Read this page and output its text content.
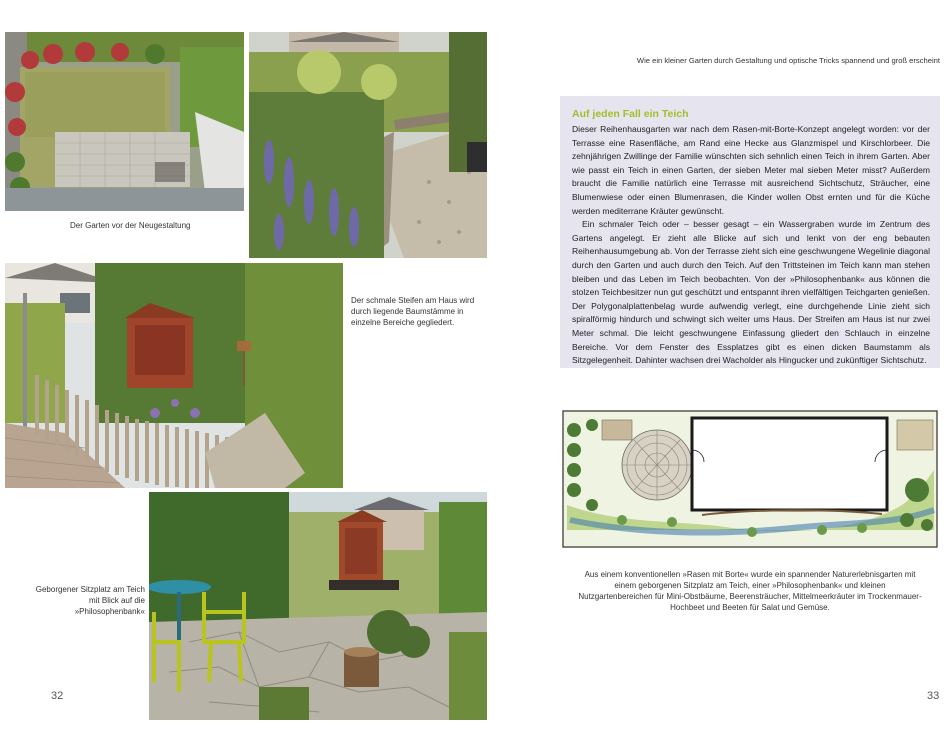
Der Garten vor der Neugestaltung
Der schmale Steifen am Haus wird durch liegende Baumstämme in einzelne Bereiche gegliedert.
Geborgener Sitzplatz am Teich mit Blick auf die »Philosophenbank«
32
Wie ein kleiner Garten durch Gestaltung und optische Tricks spannend und groß erscheint
Auf jeden Fall ein Teich

Dieser Reihenhausgarten war nach dem Rasen-mit-Borte-Konzept angelegt worden: vor der Terrasse eine Rasenfläche, am Rand eine Hecke aus Glanzmispel und Kirschlorbeer. Die zehnjährigen Zwillinge der Familie wünschten sich sehnlich einen Teich in ihrem Garten. Aber wie passt ein Teich in einen Garten, der sieben Meter mal sieben Meter misst? Außerdem braucht die Familie natürlich eine Terrasse mit ausreichend Sichtschutz, Sträucher, eine Blumenwiese oder einen Blumenrasen, die Kinder wollen Obst ernten und für die Küche werden mediterrane Kräuter gewünscht.

Ein schmaler Teich oder – besser gesagt – ein Wassergraben wurde im Zentrum des Gartens angelegt. Er zieht alle Blicke auf sich und lenkt von der eng bebauten Reihenhausumgebung ab. Von der Terrasse zieht sich eine geschwungene Wegelinie diagonal durch den Garten und auch durch den Teich. Auf den Trittsteinen im Teich kann man stehen bleiben und das Leben im Teich beobachten. Von der »Philosophenbank« aus können die stolzen Teichbesitzer nun gut geschützt und entspannt ihren vielfältigen Teichgarten genießen. Der Polygonalplattenbelag wurde aufwendig verlegt, eine durchgehende Linie zieht sich spiralförmig hindurch und schwingt sich weiter ums Haus. Der Streifen am Haus ist nur zwei Meter schmal. Die leicht geschwungene Einfassung gliedert den Schlauch in einzelne Bereiche. Vor dem Fenster des Essplatzes gibt es einen dicken Baumstamm als Sitzgelegenheit. Dahinter wachsen drei Wacholder als Hingucker und zukünftiger Sichtschutz.

Aus einem konventionellen »Rasen mit Borte« wurde ein spannender Naturerlebnisgarten mit einem geborgenen Sitzplatz am Teich, einer »Philosophenbank« und kleinen Nutzgartenbereichen für Mini-Obstbäume, Beerensträucher, Mittelmeerkräuter im Trockenmauer-Hochbeet und Beeten für Salat und Gemüse.
33
